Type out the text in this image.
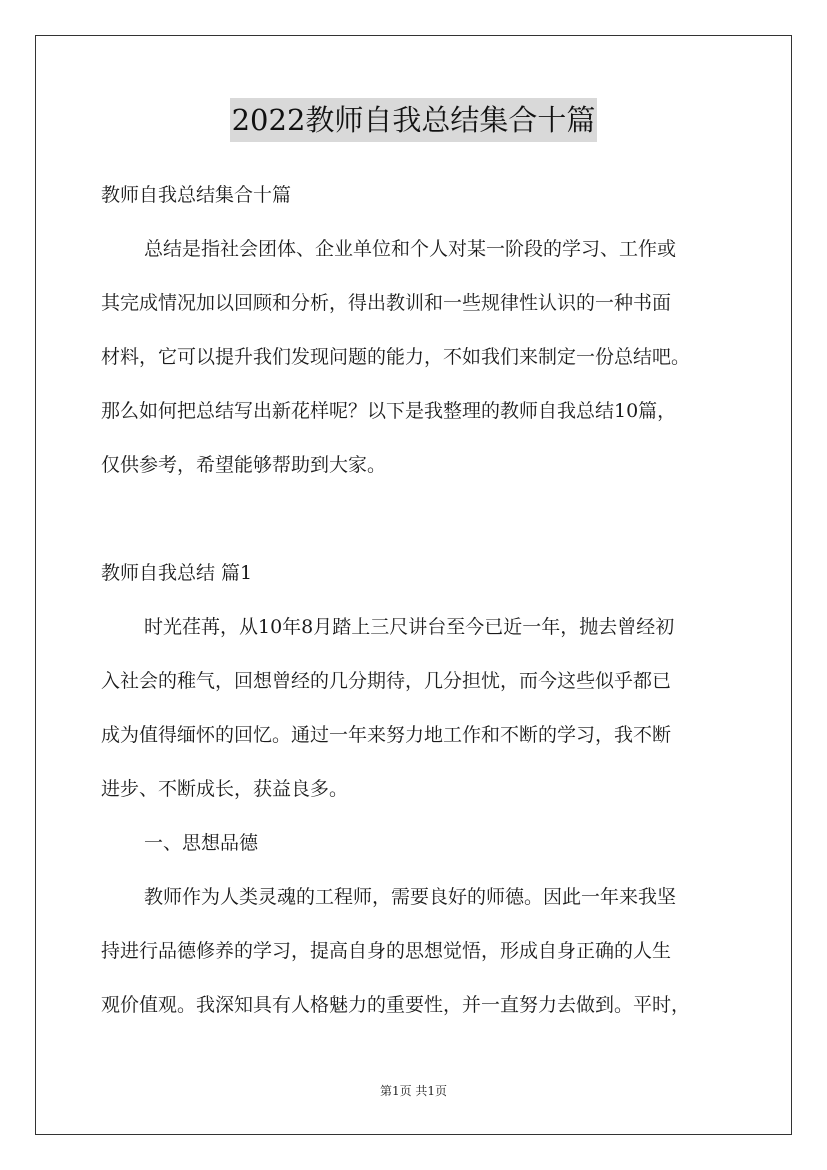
2022教师自我总结集合十篇
教师自我总结集合十篇
总结是指社会团体、企业单位和个人对某一阶段的学习、工作或
其完成情况加以回顾和分析，得出教训和一些规律性认识的一种书面
材料，它可以提升我们发现问题的能力，不如我们来制定一份总结吧。
那么如何把总结写出新花样呢？以下是我整理的教师自我总结10篇，
仅供参考，希望能够帮助到大家。
教师自我总结 篇1
时光荏苒，从10年8月踏上三尺讲台至今已近一年，抛去曾经初
入社会的稚气，回想曾经的几分期待，几分担忧，而今这些似乎都已
成为值得缅怀的回忆。通过一年来努力地工作和不断的学习，我不断
进步、不断成长，获益良多。
一、思想品德
教师作为人类灵魂的工程师，需要良好的师德。因此一年来我坚
持进行品德修养的学习，提高自身的思想觉悟，形成自身正确的人生
观价值观。我深知具有人格魅力的重要性，并一直努力去做到。平时，
第1页 共1页
